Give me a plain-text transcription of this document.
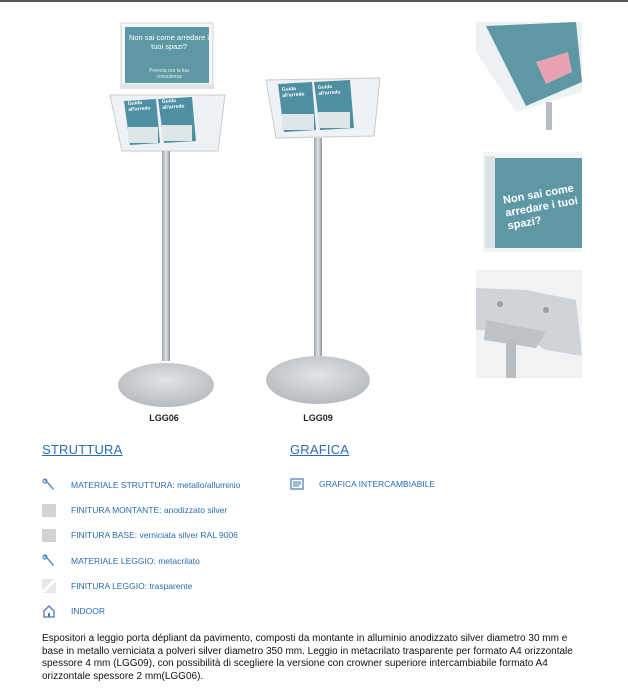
Non sai come arredare i tuoi spazi?
Prenota ora la tua consulenza
Guida all'arredo
Guida all'arredo
LGG06
Guida all'arredo
Guida all'arredo
LGG09
Non sai come arredare i tuoi spazi?
STRUTTURA	GRAFICA
MATERIALE STRUTTURA: metallo/alluminio
FINITURA MONTANTE: anodizzato silver
FINITURA BASE: verniciata silver RAL 9006
MATERIALE LEGGIO: metacrilato
FINITURA LEGGIO: trasparente
INDOOR
GRAFICA INTERCAMBIABILE
Espositori a leggio porta dépliant da pavimento, composti da montante in alluminio anodizzato silver diametro 30 mm e base in metallo verniciata a polveri silver diametro 350 mm. Leggio in metacrilato trasparente per formato A4 orizzontale spessore 4 mm (LGG09), con possibilità di scegliere la versione con crowner superiore intercambiabile formato A4 orizzontale spessore 2 mm(LGG06).
